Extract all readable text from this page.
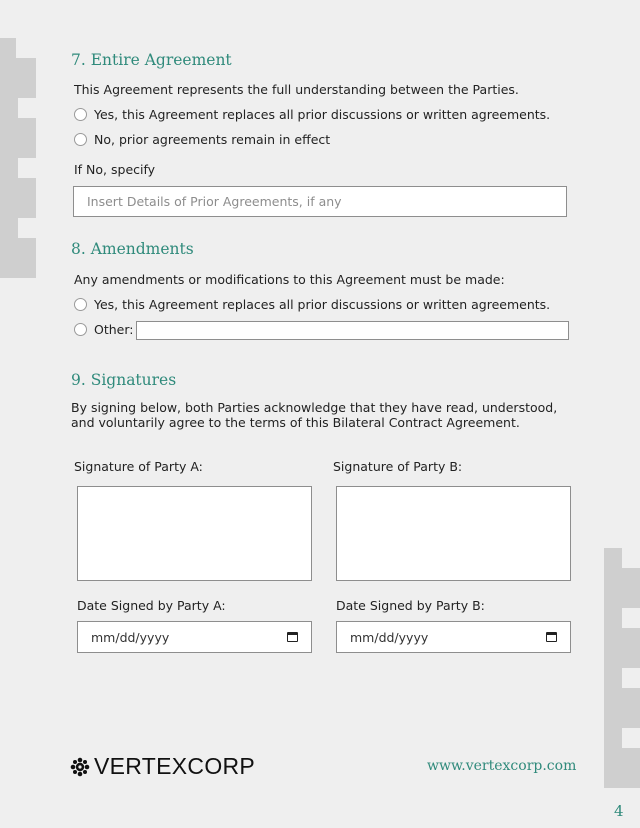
7. Entire Agreement
This Agreement represents the full understanding between the Parties.
Yes, this Agreement replaces all prior discussions or written agreements.
No, prior agreements remain in effect
If No, specify
Insert Details of Prior Agreements, if any
8. Amendments
Any amendments or modifications to this Agreement must be made:
Yes, this Agreement replaces all prior discussions or written agreements.
Other:
9. Signatures
By signing below, both Parties acknowledge that they have read, understood, and voluntarily agree to the terms of this Bilateral Contract Agreement.
Signature of Party A:	Signature of Party B:
Date Signed by Party A:	Date Signed by Party B:
mm/dd/yyyy	mm/dd/yyyy
VERTEXCORP	www.vertexcorp.com
4
